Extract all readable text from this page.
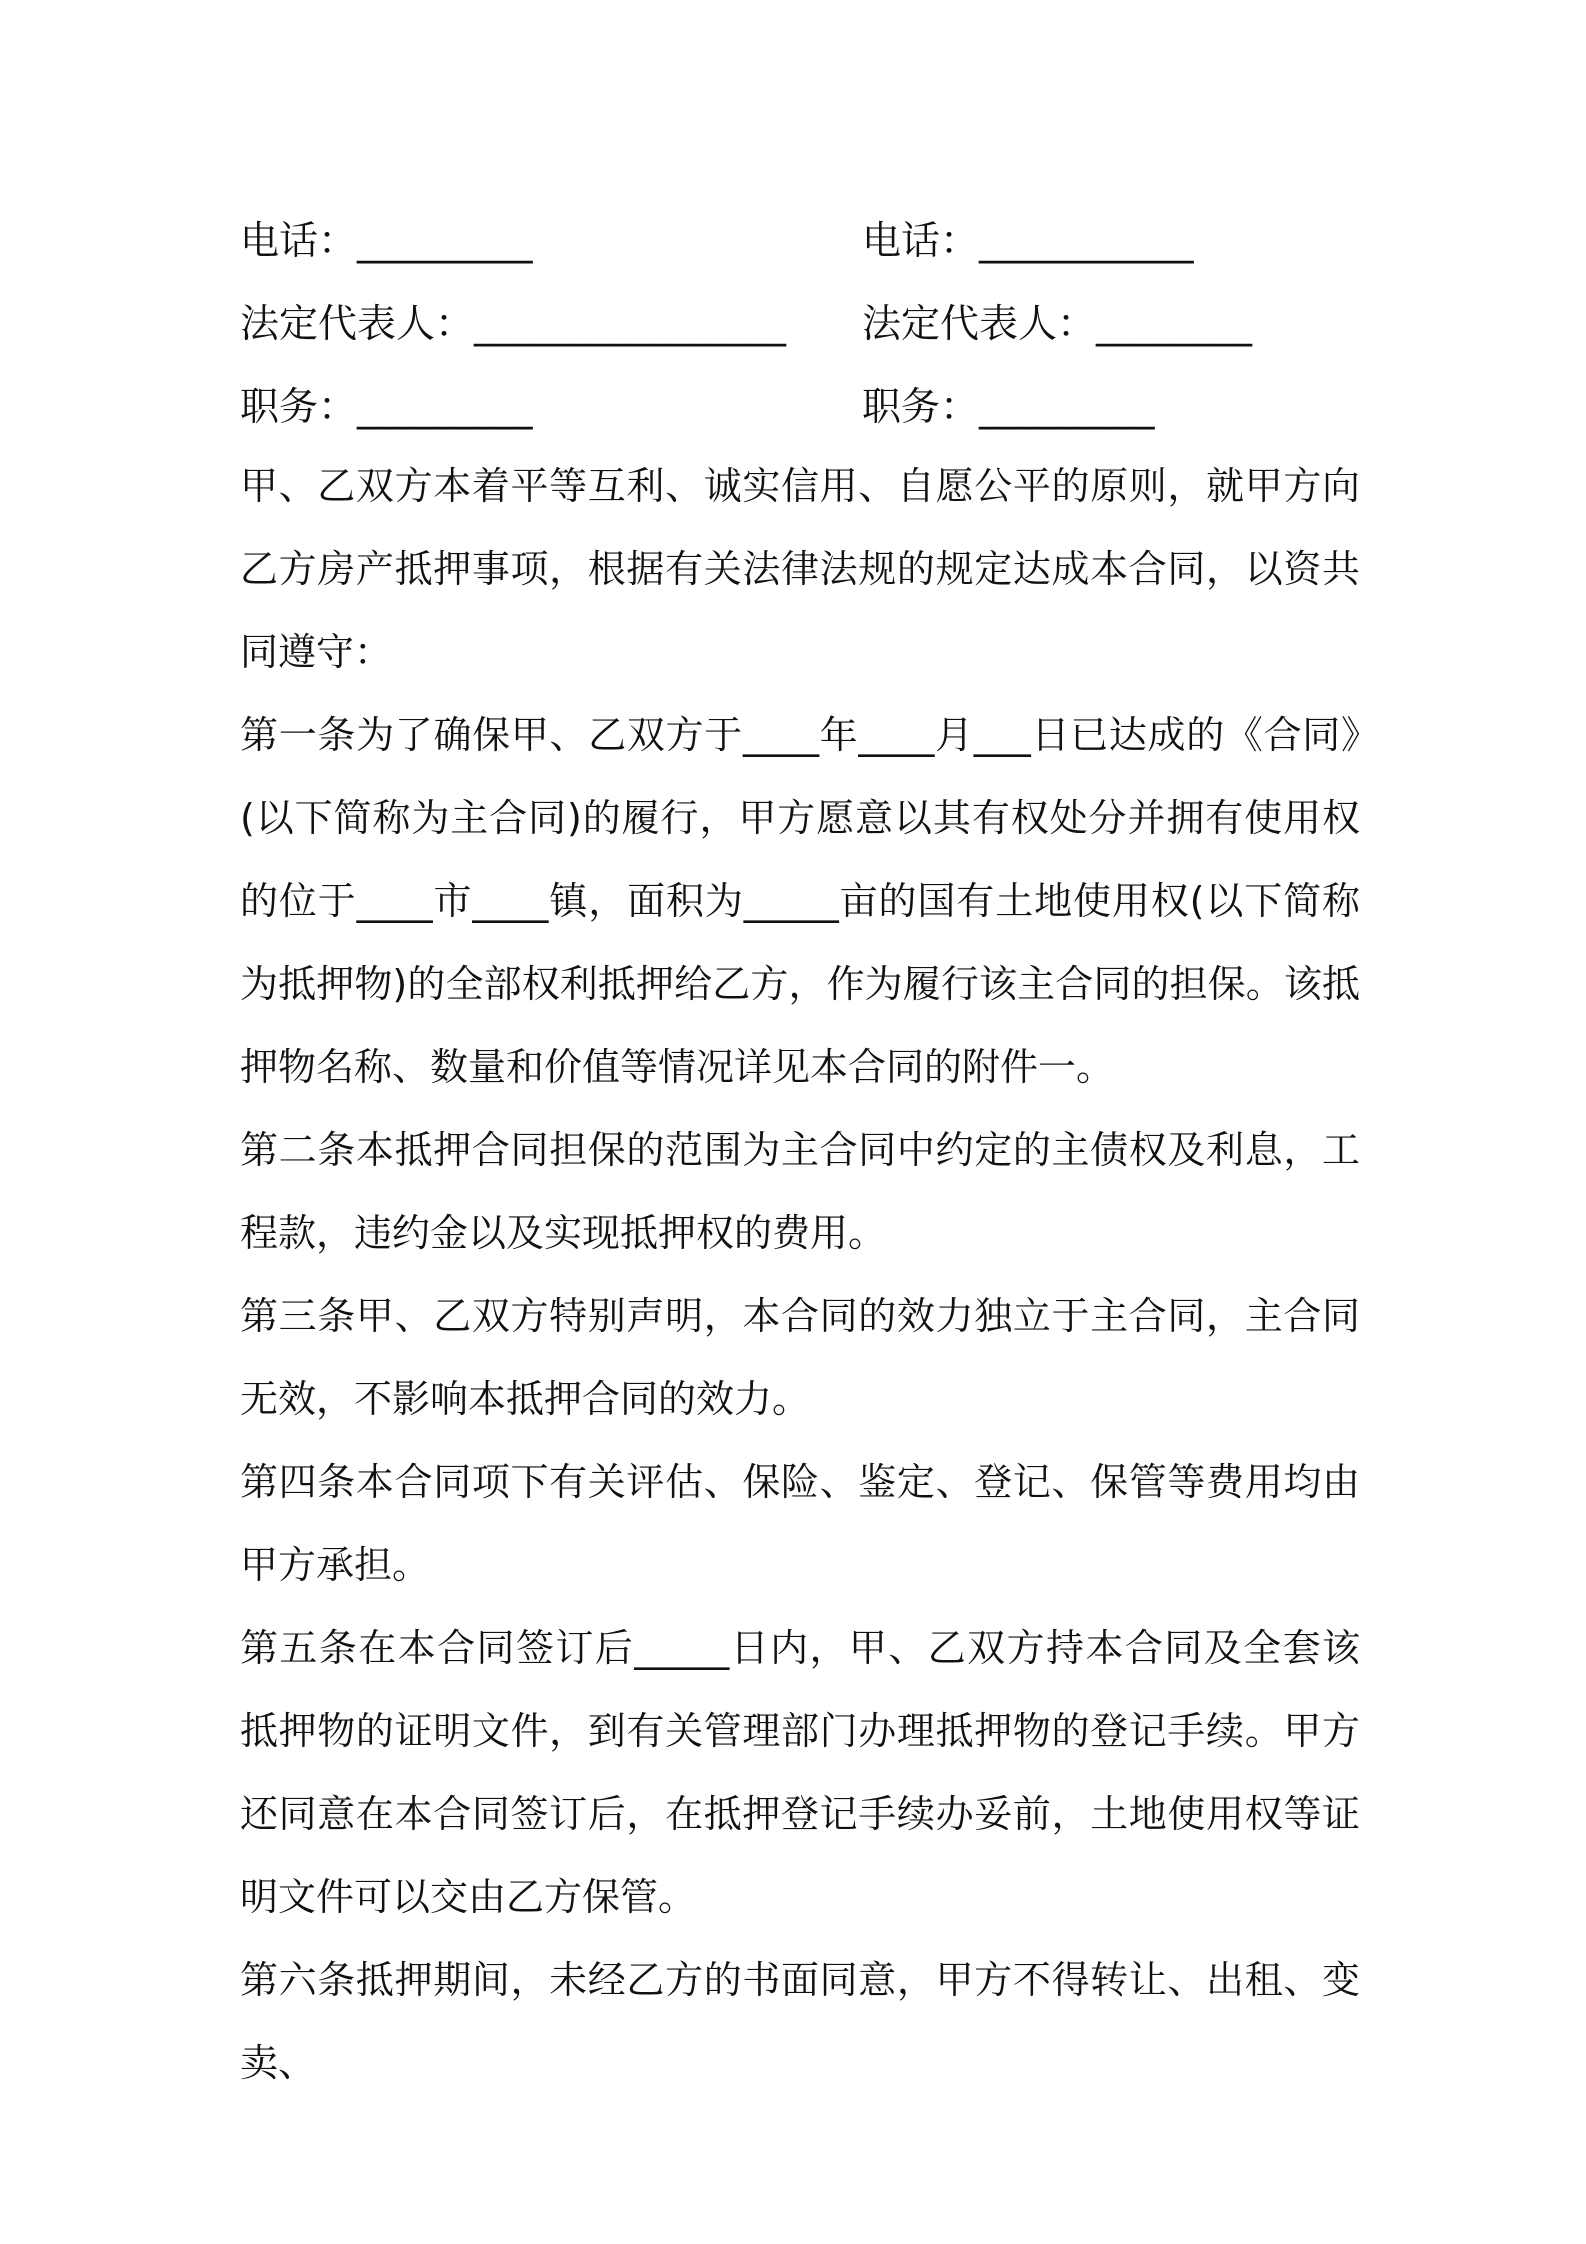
电话：_________	电话：___________
法定代表人：________________	法定代表人：________
职务：_________	职务：_________

甲、乙双方本着平等互利、诚实信用、自愿公平的原则，就甲方向乙方房产抵押事项，根据有关法律法规的规定达成本合同，以资共同遵守：

第一条为了确保甲、乙双方于____年____月___日已达成的《合同》(以下简称为主合同)的履行，甲方愿意以其有权处分并拥有使用权的位于____市____镇，面积为_____亩的国有土地使用权(以下简称为抵押物)的全部权利抵押给乙方，作为履行该主合同的担保。该抵押物名称、数量和价值等情况详见本合同的附件一。

第二条本抵押合同担保的范围为主合同中约定的主债权及利息，工程款，违约金以及实现抵押权的费用。

第三条甲、乙双方特别声明，本合同的效力独立于主合同，主合同无效，不影响本抵押合同的效力。

第四条本合同项下有关评估、保险、鉴定、登记、保管等费用均由甲方承担。

第五条在本合同签订后_____日内，甲、乙双方持本合同及全套该抵押物的证明文件，到有关管理部门办理抵押物的登记手续。甲方还同意在本合同签订后，在抵押登记手续办妥前，土地使用权等证明文件可以交由乙方保管。

第六条抵押期间，未经乙方的书面同意，甲方不得转让、出租、变卖、
